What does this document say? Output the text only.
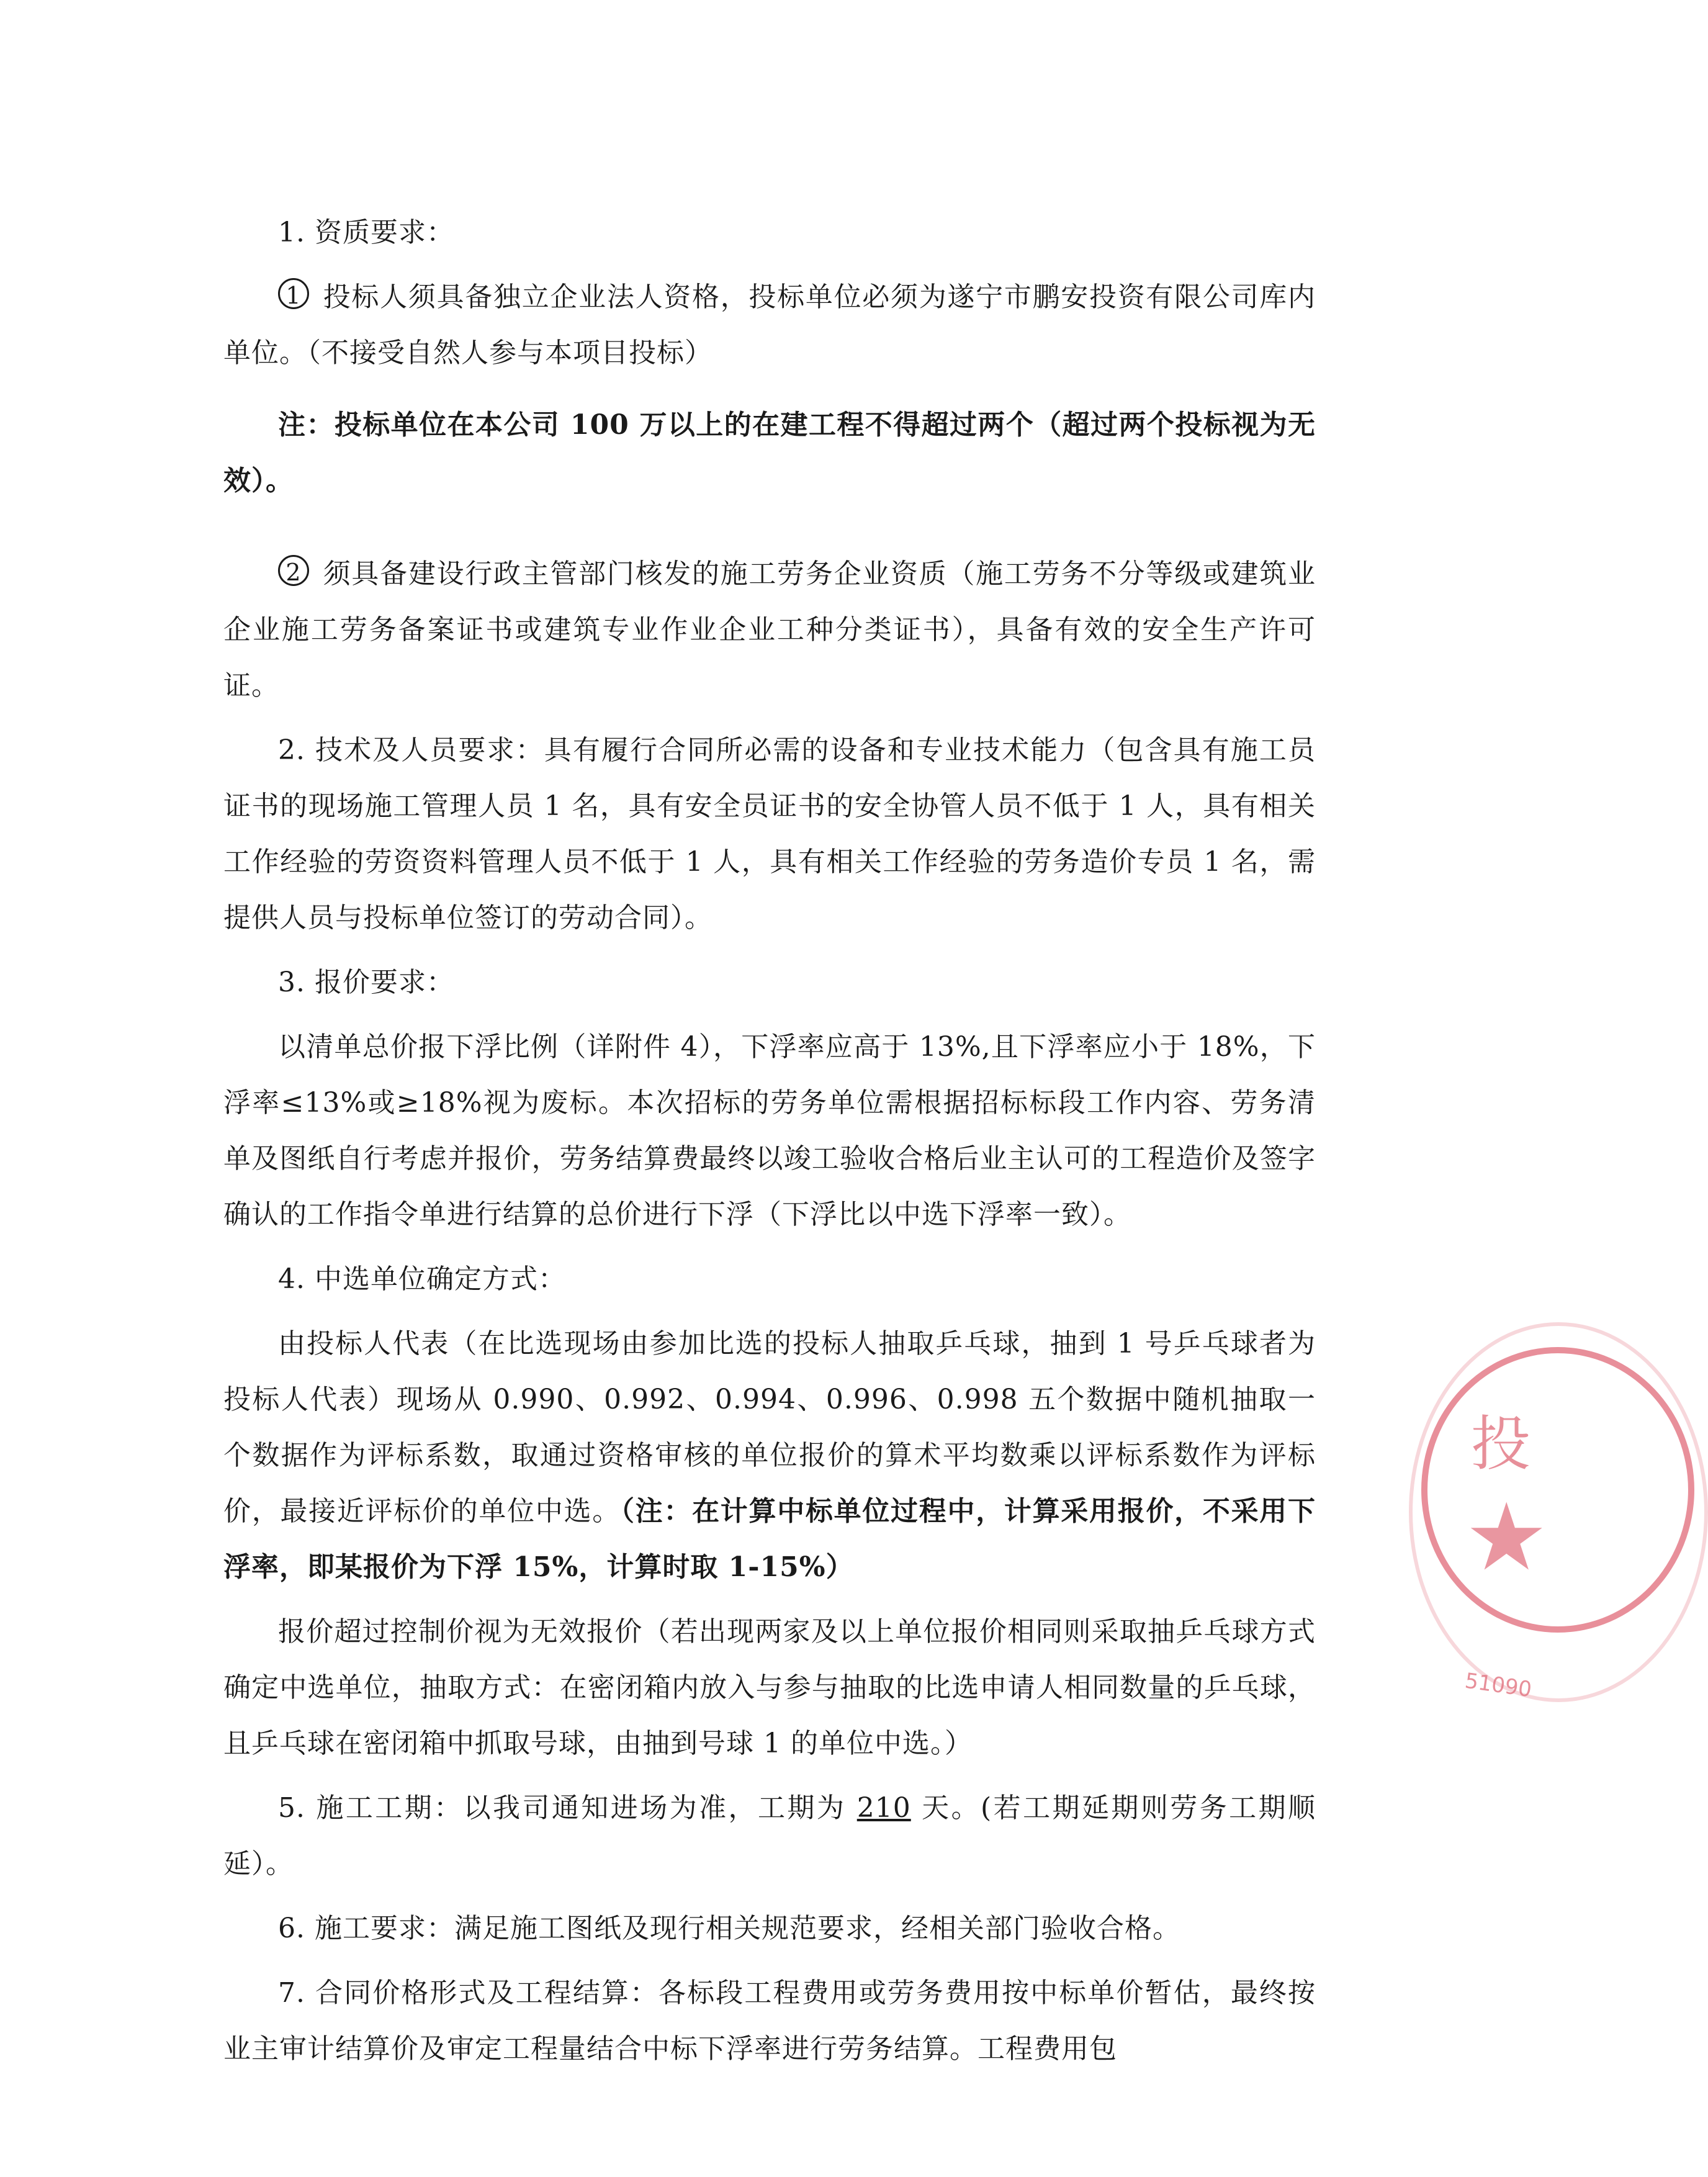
1. 资质要求：

1 投标人须具备独立企业法人资格，投标单位必须为遂宁市鹏安投资有限公司库内单位。（不接受自然人参与本项目投标）

注：投标单位在本公司 100 万以上的在建工程不得超过两个（超过两个投标视为无效）。

2 须具备建设行政主管部门核发的施工劳务企业资质（施工劳务不分等级或建筑业企业施工劳务备案证书或建筑专业作业企业工种分类证书），具备有效的安全生产许可证。

2. 技术及人员要求：具有履行合同所必需的设备和专业技术能力（包含具有施工员证书的现场施工管理人员 1 名，具有安全员证书的安全协管人员不低于 1 人，具有相关工作经验的劳资资料管理人员不低于 1 人，具有相关工作经验的劳务造价专员 1 名，需提供人员与投标单位签订的劳动合同）。

3. 报价要求：

以清单总价报下浮比例（详附件 4），下浮率应高于 13%,且下浮率应小于 18%，下浮率≤13%或≥18%视为废标。本次招标的劳务单位需根据招标标段工作内容、劳务清单及图纸自行考虑并报价，劳务结算费最终以竣工验收合格后业主认可的工程造价及签字确认的工作指令单进行结算的总价进行下浮（下浮比以中选下浮率一致）。

4. 中选单位确定方式：

由投标人代表（在比选现场由参加比选的投标人抽取乒乓球，抽到 1 号乒乓球者为投标人代表）现场从 0.990、0.992、0.994、0.996、0.998 五个数据中随机抽取一个数据作为评标系数，取通过资格审核的单位报价的算术平均数乘以评标系数作为评标价，最接近评标价的单位中选。（注：在计算中标单位过程中，计算采用报价，不采用下浮率，即某报价为下浮 15%，计算时取 1-15%）

报价超过控制价视为无效报价（若出现两家及以上单位报价相同则采取抽乒乓球方式确定中选单位，抽取方式：在密闭箱内放入与参与抽取的比选申请人相同数量的乒乓球，且乒乓球在密闭箱中抓取号球，由抽到号球 1 的单位中选。）

5. 施工工期：以我司通知进场为准，工期为 210 天。(若工期延期则劳务工期顺延）。

6. 施工要求：满足施工图纸及现行相关规范要求，经相关部门验收合格。

7. 合同价格形式及工程结算：各标段工程费用或劳务费用按中标单价暂估，最终按业主审计结算价及审定工程量结合中标下浮率进行劳务结算。工程费用包

投
★
51090
